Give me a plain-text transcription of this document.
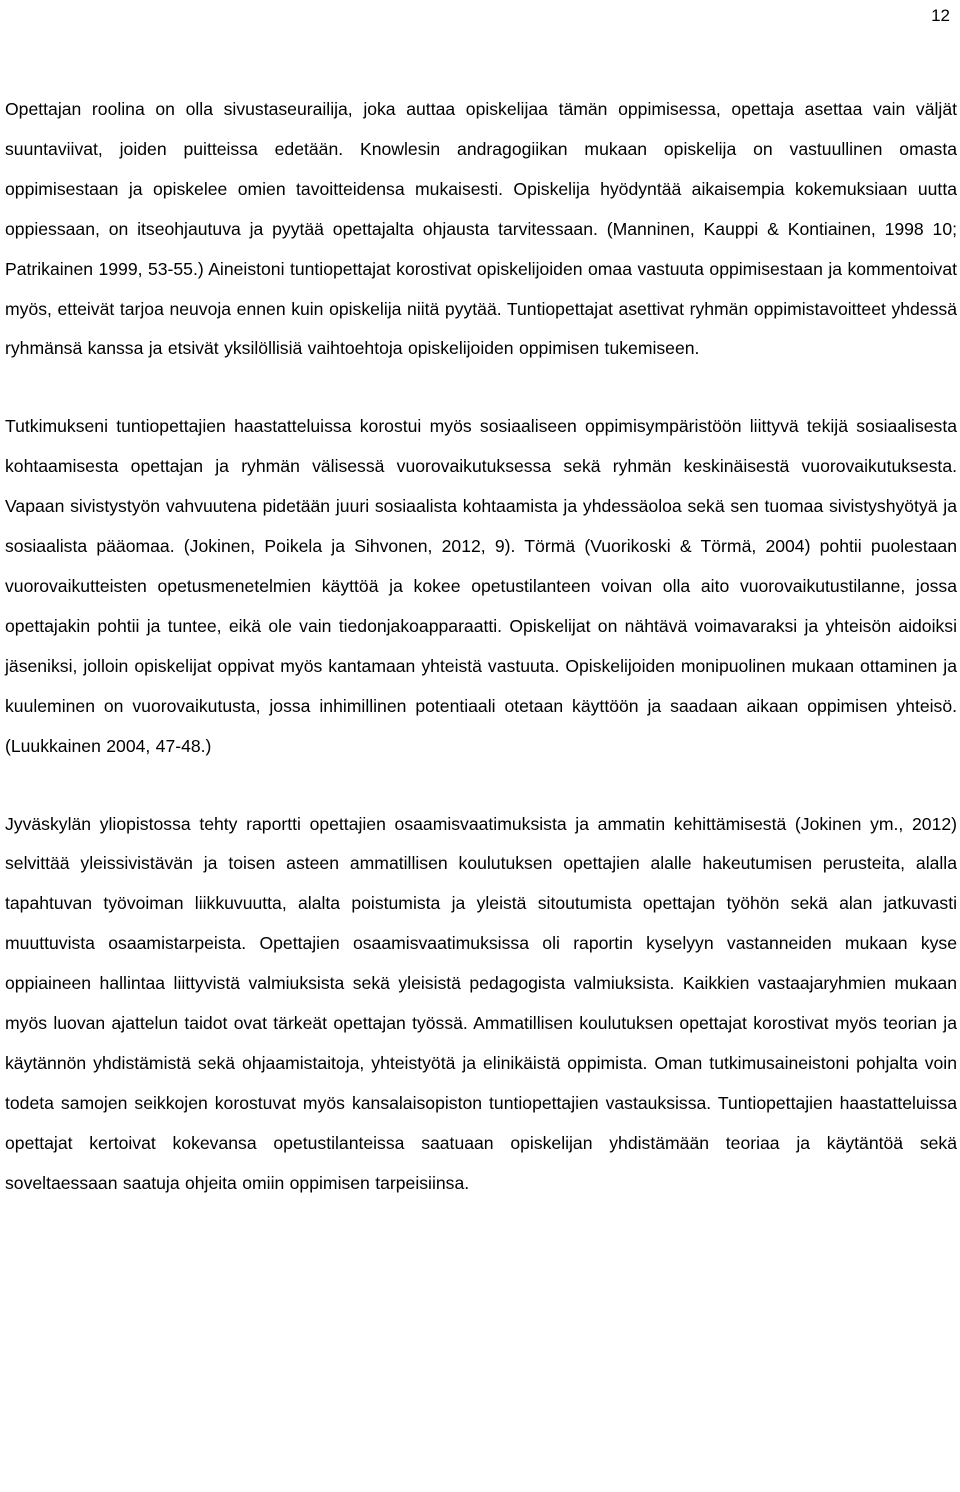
12

Opettajan roolina on olla sivustaseurailija, joka auttaa opiskelijaa tämän oppimisessa, opettaja asettaa vain väljät suuntaviivat, joiden puitteissa edetään. Knowlesin andragogiikan mukaan opiskelija on vastuullinen omasta oppimisestaan ja opiskelee omien tavoitteidensa mukaisesti. Opiskelija hyödyntää aikaisempia kokemuksiaan uutta oppiessaan, on itseohjautuva ja pyytää opettajalta ohjausta tarvitessaan. (Manninen, Kauppi & Kontiainen, 1998 10; Patrikainen 1999, 53-55.) Aineistoni tuntiopettajat korostivat opiskelijoiden omaa vastuuta oppimisestaan ja kommentoivat myös, etteivät tarjoa neuvoja ennen kuin opiskelija niitä pyytää. Tuntiopettajat asettivat ryhmän oppimistavoitteet yhdessä ryhmänsä kanssa ja etsivät yksilöllisiä vaihtoehtoja opiskelijoiden oppimisen tukemiseen.

Tutkimukseni tuntiopettajien haastatteluissa korostui myös sosiaaliseen oppimisympäristöön liittyvä tekijä sosiaalisesta kohtaamisesta opettajan ja ryhmän välisessä vuorovaikutuksessa sekä ryhmän keskinäisestä vuorovaikutuksesta. Vapaan sivistystyön vahvuutena pidetään juuri sosiaalista kohtaamista ja yhdessäoloa sekä sen tuomaa sivistyshyötyä ja sosiaalista pääomaa. (Jokinen, Poikela ja Sihvonen, 2012, 9). Törmä (Vuorikoski & Törmä, 2004) pohtii puolestaan vuorovaikutteisten opetusmenetelmien käyttöä ja kokee opetustilanteen voivan olla aito vuorovaikutustilanne, jossa opettajakin pohtii ja tuntee, eikä ole vain tiedonjakoapparaatti. Opiskelijat on nähtävä voimavaraksi ja yhteisön aidoiksi jäseniksi, jolloin opiskelijat oppivat myös kantamaan yhteistä vastuuta. Opiskelijoiden monipuolinen mukaan ottaminen ja kuuleminen on vuorovaikutusta, jossa inhimillinen potentiaali otetaan käyttöön ja saadaan aikaan oppimisen yhteisö. (Luukkainen 2004, 47-48.)

Jyväskylän yliopistossa tehty raportti opettajien osaamisvaatimuksista ja ammatin kehittämisestä (Jokinen ym., 2012) selvittää yleissivistävän ja toisen asteen ammatillisen koulutuksen opettajien alalle hakeutumisen perusteita, alalla tapahtuvan työvoiman liikkuvuutta, alalta poistumista ja yleistä sitoutumista opettajan työhön sekä alan jatkuvasti muuttuvista osaamistarpeista. Opettajien osaamisvaatimuksissa oli raportin kyselyyn vastanneiden mukaan kyse oppiaineen hallintaa liittyvistä valmiuksista sekä yleisistä pedagogista valmiuksista. Kaikkien vastaajaryhmien mukaan myös luovan ajattelun taidot ovat tärkeät opettajan työssä. Ammatillisen koulutuksen opettajat korostivat myös teorian ja käytännön yhdistämistä sekä ohjaamistaitoja, yhteistyötä ja elinikäistä oppimista. Oman tutkimusaineistoni pohjalta voin todeta samojen seikkojen korostuvat myös kansalaisopiston tuntiopettajien vastauksissa. Tuntiopettajien haastatteluissa opettajat kertoivat kokevansa opetustilanteissa saatuaan opiskelijan yhdistämään teoriaa ja käytäntöä sekä soveltaessaan saatuja ohjeita omiin oppimisen tarpeisiinsa.
